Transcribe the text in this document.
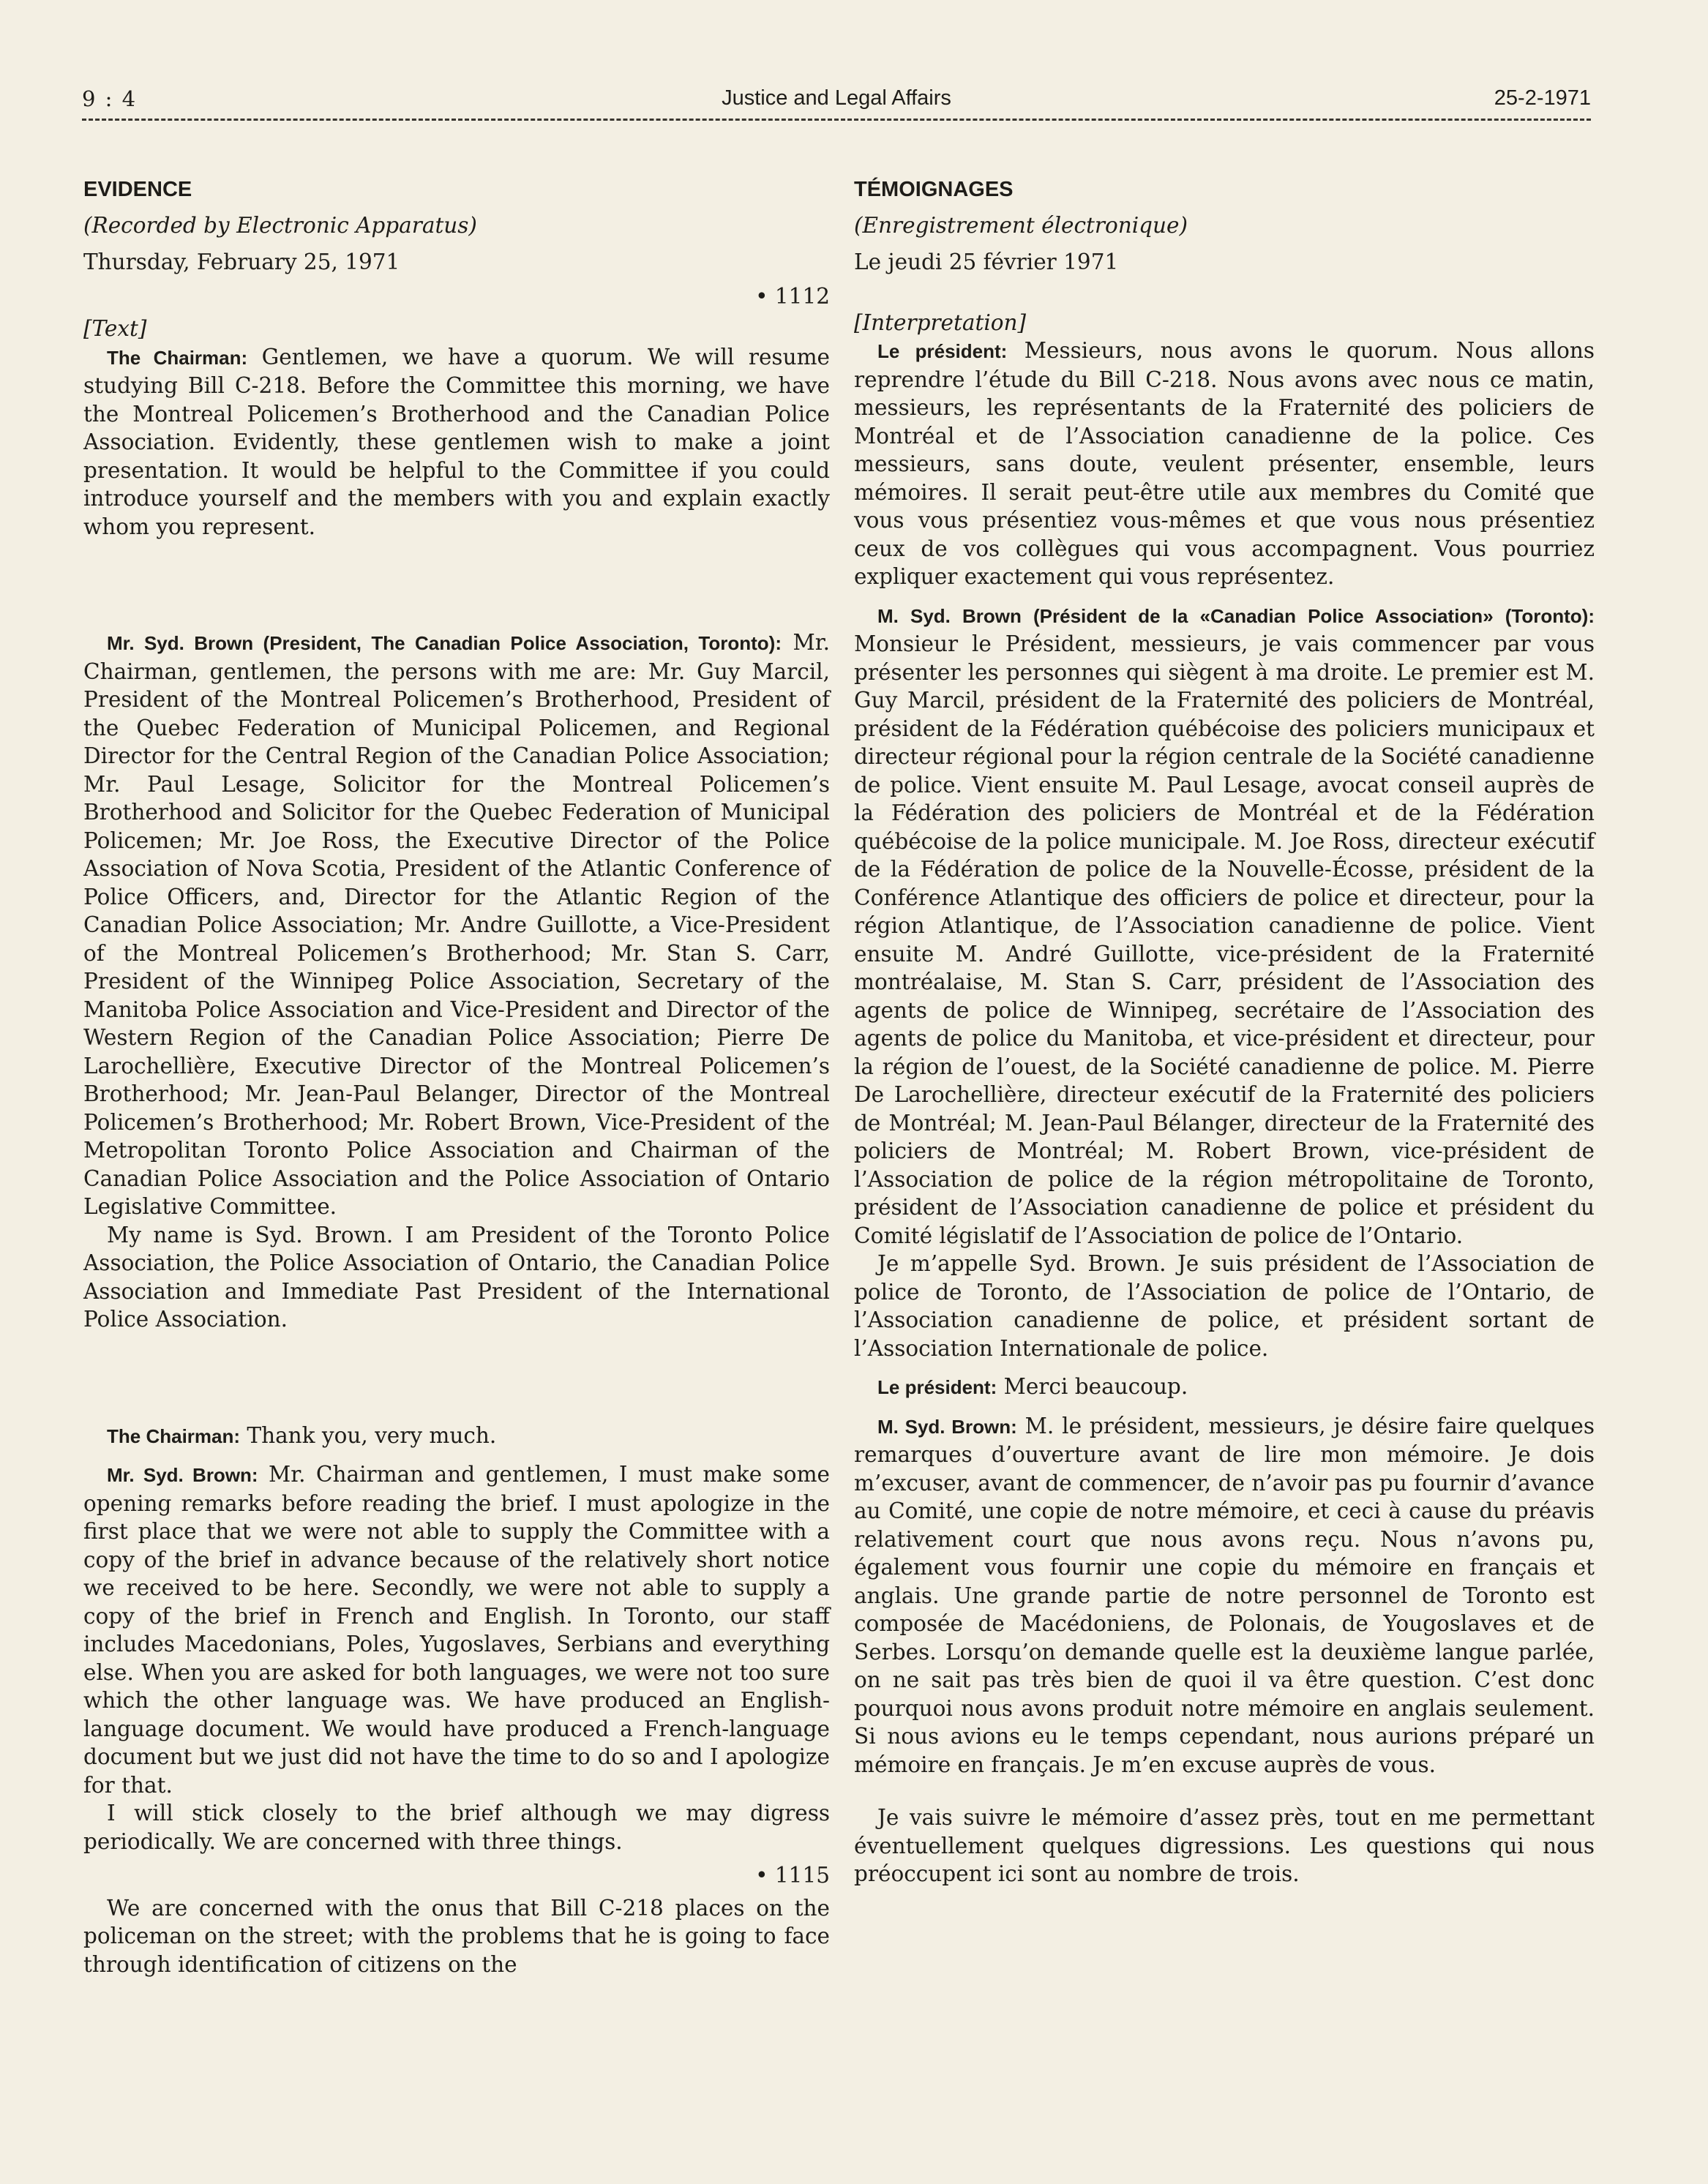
9 : 4	Justice and Legal Affairs	25-2-1971
EVIDENCE
(Recorded by Electronic Apparatus)
Thursday, February 25, 1971
• 1112
[Text]

The Chairman: Gentlemen, we have a quorum. We will resume studying Bill C-218. Before the Committee this morning, we have the Montreal Policemen’s Brotherhood and the Canadian Police Association. Evidently, these gentlemen wish to make a joint presentation. It would be helpful to the Committee if you could introduce yourself and the members with you and explain exactly whom you represent.

Mr. Syd. Brown (President, The Canadian Police Association, Toronto): Mr. Chairman, gentlemen, the persons with me are: Mr. Guy Marcil, President of the Montreal Policemen’s Brotherhood, President of the Quebec Federation of Municipal Policemen, and Regional Director for the Central Region of the Canadian Police Association; Mr. Paul Lesage, Solicitor for the Montreal Policemen’s Brotherhood and Solicitor for the Quebec Federation of Municipal Policemen; Mr. Joe Ross, the Executive Director of the Police Association of Nova Scotia, President of the Atlantic Conference of Police Officers, and, Director for the Atlantic Region of the Canadian Police Association; Mr. Andre Guillotte, a Vice-President of the Montreal Policemen’s Brotherhood; Mr. Stan S. Carr, President of the Winnipeg Police Association, Secretary of the Manitoba Police Association and Vice-President and Director of the Western Region of the Canadian Police Association; Pierre De Larochellière, Executive Director of the Montreal Policemen’s Brotherhood; Mr. Jean-Paul Belanger, Director of the Montreal Policemen’s Brotherhood; Mr. Robert Brown, Vice-President of the Metropolitan Toronto Police Association and Chairman of the Canadian Police Association and the Police Association of Ontario Legislative Committee.

My name is Syd. Brown. I am President of the Toronto Police Association, the Police Association of Ontario, the Canadian Police Association and Immediate Past President of the International Police Association.

The Chairman: Thank you, very much.

Mr. Syd. Brown: Mr. Chairman and gentlemen, I must make some opening remarks before reading the brief. I must apologize in the first place that we were not able to supply the Committee with a copy of the brief in advance because of the relatively short notice we received to be here. Secondly, we were not able to supply a copy of the brief in French and English. In Toronto, our staff includes Macedonians, Poles, Yugoslaves, Serbians and everything else. When you are asked for both languages, we were not too sure which the other language was. We have produced an English-language document. We would have produced a French-language document but we just did not have the time to do so and I apologize for that.

I will stick closely to the brief although we may digress periodically. We are concerned with three things.

• 1115

We are concerned with the onus that Bill C-218 places on the policeman on the street; with the problems that he is going to face through identification of citizens on the

TÉMOIGNAGES
(Enregistrement électronique)
Le jeudi 25 février 1971
[Interpretation]

Le président: Messieurs, nous avons le quorum. Nous allons reprendre l’étude du Bill C-218. Nous avons avec nous ce matin, messieurs, les représentants de la Fraternité des policiers de Montréal et de l’Association canadienne de la police. Ces messieurs, sans doute, veulent présenter, ensemble, leurs mémoires. Il serait peut-être utile aux membres du Comité que vous vous présentiez vous-mêmes et que vous nous présentiez ceux de vos collègues qui vous accompagnent. Vous pourriez expliquer exactement qui vous représentez.

M. Syd. Brown (Président de la «Canadian Police Association» (Toronto): Monsieur le Président, messieurs, je vais commencer par vous présenter les personnes qui siègent à ma droite. Le premier est M. Guy Marcil, président de la Fraternité des policiers de Montréal, président de la Fédération québécoise des policiers municipaux et directeur régional pour la région centrale de la Société canadienne de police. Vient ensuite M. Paul Lesage, avocat conseil auprès de la Fédération des policiers de Montréal et de la Fédération québécoise de la police municipale. M. Joe Ross, directeur exécutif de la Fédération de police de la Nouvelle-Écosse, président de la Conférence Atlantique des officiers de police et directeur, pour la région Atlantique, de l’Association canadienne de police. Vient ensuite M. André Guillotte, vice-président de la Fraternité montréalaise, M. Stan S. Carr, président de l’Association des agents de police de Winnipeg, secrétaire de l’Association des agents de police du Manitoba, et vice-président et directeur, pour la région de l’ouest, de la Société canadienne de police. M. Pierre De Larochellière, directeur exécutif de la Fraternité des policiers de Montréal; M. Jean-Paul Bélanger, directeur de la Fraternité des policiers de Montréal; M. Robert Brown, vice-président de l’Association de police de la région métropolitaine de Toronto, président de l’Association canadienne de police et président du Comité législatif de l’Association de police de l’Ontario.

Je m’appelle Syd. Brown. Je suis président de l’Association de police de Toronto, de l’Association de police de l’Ontario, de l’Association canadienne de police, et président sortant de l’Association Internationale de police.

Le président: Merci beaucoup.

M. Syd. Brown: M. le président, messieurs, je désire faire quelques remarques d’ouverture avant de lire mon mémoire. Je dois m’excuser, avant de commencer, de n’avoir pas pu fournir d’avance au Comité, une copie de notre mémoire, et ceci à cause du préavis relativement court que nous avons reçu. Nous n’avons pu, également vous fournir une copie du mémoire en français et anglais. Une grande partie de notre personnel de Toronto est composée de Macédoniens, de Polonais, de Yougoslaves et de Serbes. Lorsqu’on demande quelle est la deuxième langue parlée, on ne sait pas très bien de quoi il va être question. C’est donc pourquoi nous avons produit notre mémoire en anglais seulement. Si nous avions eu le temps cependant, nous aurions préparé un mémoire en français. Je m’en excuse auprès de vous.

Je vais suivre le mémoire d’assez près, tout en me permettant éventuellement quelques digressions. Les questions qui nous préoccupent ici sont au nombre de trois.
